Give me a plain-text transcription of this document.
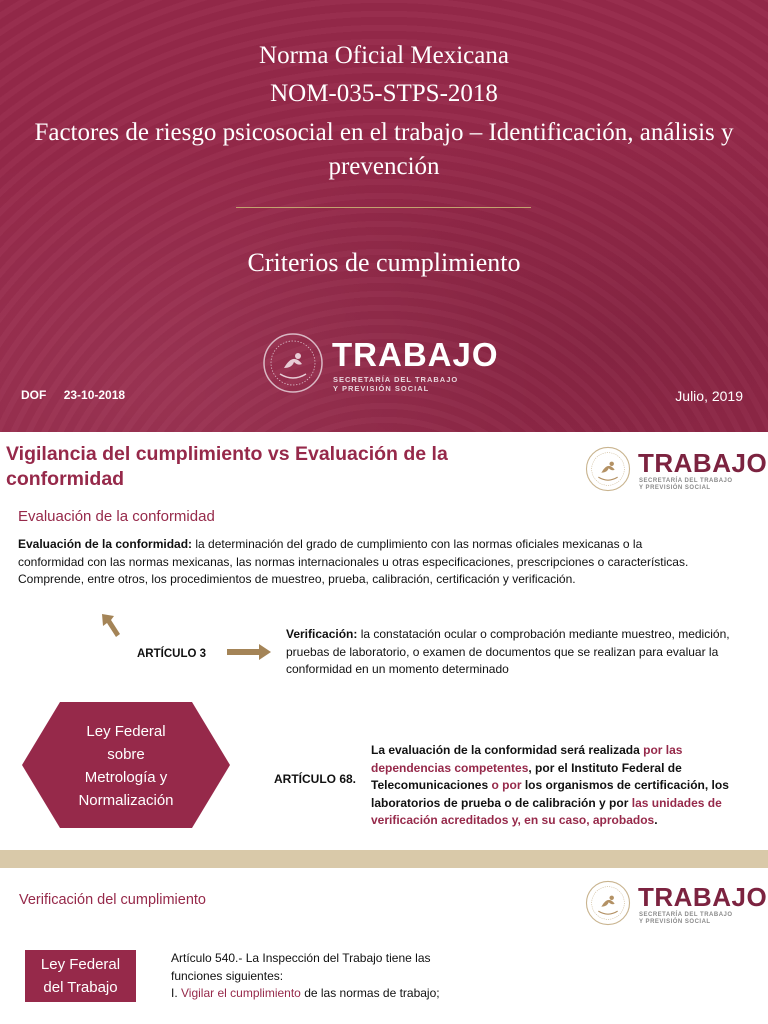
Norma Oficial Mexicana
NOM-035-STPS-2018
Factores de riesgo psicosocial en el trabajo – Identificación, análisis y prevención
Criterios de cumplimiento
TRABAJO
SECRETARÍA DEL TRABAJO
Y PREVISIÓN SOCIAL
DOF 23-10-2018	Julio, 2019
Vigilancia del cumplimiento vs Evaluación de la conformidad
TRABAJO
SECRETARÍA DEL TRABAJO
Y PREVISIÓN SOCIAL
Evaluación de la conformidad
Evaluación de la conformidad: la determinación del grado de cumplimiento con las normas oficiales mexicanas o la conformidad con las normas mexicanas, las normas internacionales u otras especificaciones, prescripciones o características. Comprende, entre otros, los procedimientos de muestreo, prueba, calibración, certificación y verificación.
ARTÍCULO 3
Verificación: la constatación ocular o comprobación mediante muestreo, medición, pruebas de laboratorio, o examen de documentos que se realizan para evaluar la conformidad en un momento determinado
Ley Federal
sobre
Metrología y
Normalización
ARTÍCULO 68.
La evaluación de la conformidad será realizada por las dependencias competentes, por el Instituto Federal de Telecomunicaciones o por los organismos de certificación, los laboratorios de prueba o de calibración y por las unidades de verificación acreditados y, en su caso, aprobados.
Verificación del cumplimiento	TRABAJO
SECRETARÍA DEL TRABAJO
Y PREVISIÓN SOCIAL
Ley Federal
del Trabajo
Artículo 540.- La Inspección del Trabajo tiene las funciones siguientes:
I. Vigilar el cumplimiento de las normas de trabajo;
